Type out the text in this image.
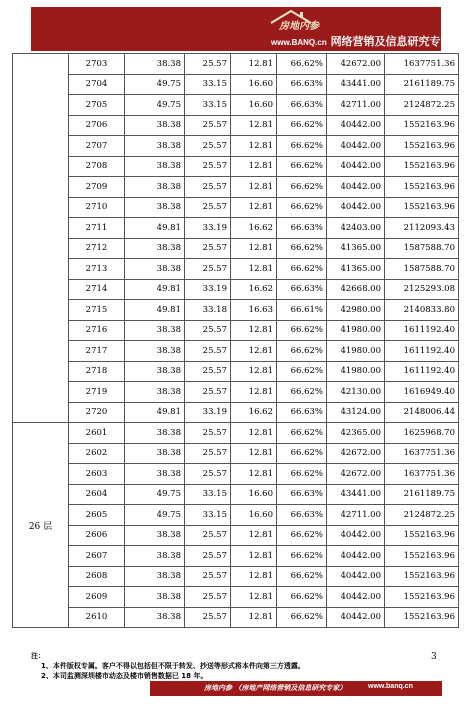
房地内参
www.BANQ.cn 网络营销及信息研究专家
	2703	38.38	25.57	12.81	66.62%	42672.00	1637751.36
	2704	49.75	33.15	16.60	66.63%	43441.00	2161189.75
	2705	49.75	33.15	16.60	66.63%	42711.00	2124872.25
	2706	38.38	25.57	12.81	66.62%	40442.00	1552163.96
	2707	38.38	25.57	12.81	66.62%	40442.00	1552163.96
	2708	38.38	25.57	12.81	66.62%	40442.00	1552163.96
	2709	38.38	25.57	12.81	66.62%	40442.00	1552163.96
	2710	38.38	25.57	12.81	66.62%	40442.00	1552163.96
	2711	49.81	33.19	16.62	66.63%	42403.00	2112093.43
	2712	38.38	25.57	12.81	66.62%	41365.00	1587588.70
	2713	38.38	25.57	12.81	66.62%	41365.00	1587588.70
	2714	49.81	33.19	16.62	66.63%	42668.00	2125293.08
	2715	49.81	33.18	16.63	66.61%	42980.00	2140833.80
	2716	38.38	25.57	12.81	66.62%	41980.00	1611192.40
	2717	38.38	25.57	12.81	66.62%	41980.00	1611192.40
	2718	38.38	25.57	12.81	66.62%	41980.00	1611192.40
	2719	38.38	25.57	12.81	66.62%	42130.00	1616949.40
	2720	49.81	33.19	16.62	66.63%	43124.00	2148006.44
26 层	2601	38.38	25.57	12.81	66.62%	42365.00	1625968.70
	2602	38.38	25.57	12.81	66.62%	42672.00	1637751.36
	2603	38.38	25.57	12.81	66.62%	42672.00	1637751.36
	2604	49.75	33.15	16.60	66.63%	43441.00	2161189.75
	2605	49.75	33.15	16.60	66.63%	42711.00	2124872.25
	2606	38.38	25.57	12.81	66.62%	40442.00	1552163.96
	2607	38.38	25.57	12.81	66.62%	40442.00	1552163.96
	2608	38.38	25.57	12.81	66.62%	40442.00	1552163.96
	2609	38.38	25.57	12.81	66.62%	40442.00	1552163.96
	2610	38.38	25.57	12.81	66.62%	40442.00	1552163.96
注：
1、本件版权专属。客户不得以包括但不限于转发、抄送等形式将本件向第三方透露。
2、本司监测深圳楼市动态及楼市销售数据已 18 年。
3
房地内参 （房地产网络营销及信息研究专家）	www.banq.cn
